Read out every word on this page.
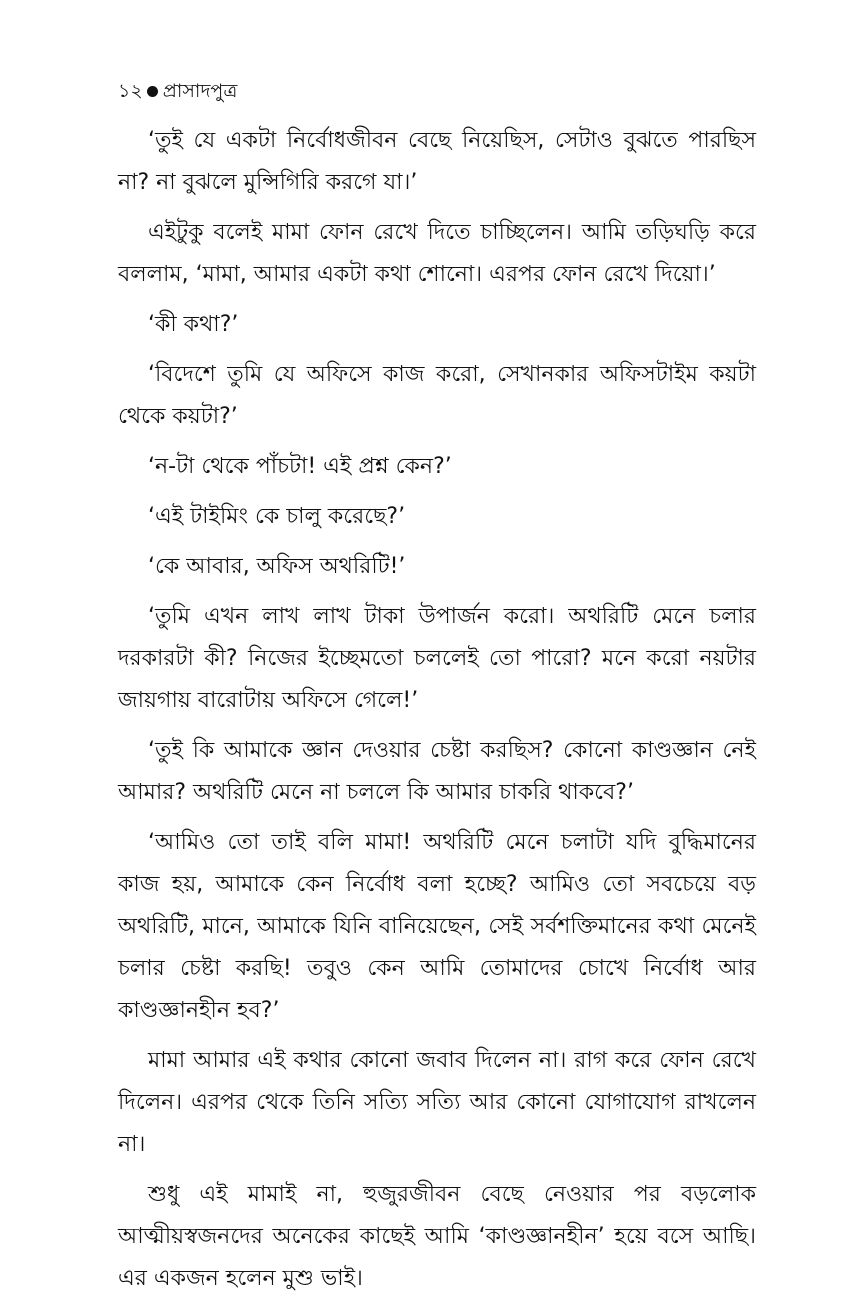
১২ প্রাসাদপুত্র

‘তুই যে একটা নির্বোধজীবন বেছে নিয়েছিস, সেটাও বুঝতে পারছিস না? না বুঝলে মুন্সিগিরি করগে যা।’

এইটুকু বলেই মামা ফোন রেখে দিতে চাচ্ছিলেন। আমি তড়িঘড়ি করে বললাম, ‘মামা, আমার একটা কথা শোনো। এরপর ফোন রেখে দিয়ো।’

‘কী কথা?’

‘বিদেশে তুমি যে অফিসে কাজ করো, সেখানকার অফিসটাইম কয়টা থেকে কয়টা?’

‘ন-টা থেকে পাঁচটা! এই প্রশ্ন কেন?’

‘এই টাইমিং কে চালু করেছে?’

‘কে আবার, অফিস অথরিটি!’

‘তুমি এখন লাখ লাখ টাকা উপার্জন করো। অথরিটি মেনে চলার দরকারটা কী? নিজের ইচ্ছেমতো চললেই তো পারো? মনে করো নয়টার জায়গায় বারোটায় অফিসে গেলে!’

‘তুই কি আমাকে জ্ঞান দেওয়ার চেষ্টা করছিস? কোনো কাণ্ডজ্ঞান নেই আমার? অথরিটি মেনে না চললে কি আমার চাকরি থাকবে?’

‘আমিও তো তাই বলি মামা! অথরিটি মেনে চলাটা যদি বুদ্ধিমানের কাজ হয়, আমাকে কেন নির্বোধ বলা হচ্ছে? আমিও তো সবচেয়ে বড় অথরিটি, মানে, আমাকে যিনি বানিয়েছেন, সেই সর্বশক্তিমানের কথা মেনেই চলার চেষ্টা করছি! তবুও কেন আমি তোমাদের চোখে নির্বোধ আর কাণ্ডজ্ঞানহীন হব?’

মামা আমার এই কথার কোনো জবাব দিলেন না। রাগ করে ফোন রেখে দিলেন। এরপর থেকে তিনি সত্যি সত্যি আর কোনো যোগাযোগ রাখলেন না।

শুধু এই মামাই না, হুজুরজীবন বেছে নেওয়ার পর বড়লোক আত্মীয়স্বজনদের অনেকের কাছেই আমি ‘কাণ্ডজ্ঞানহীন’ হয়ে বসে আছি। এর একজন হলেন মুশু ভাই।
